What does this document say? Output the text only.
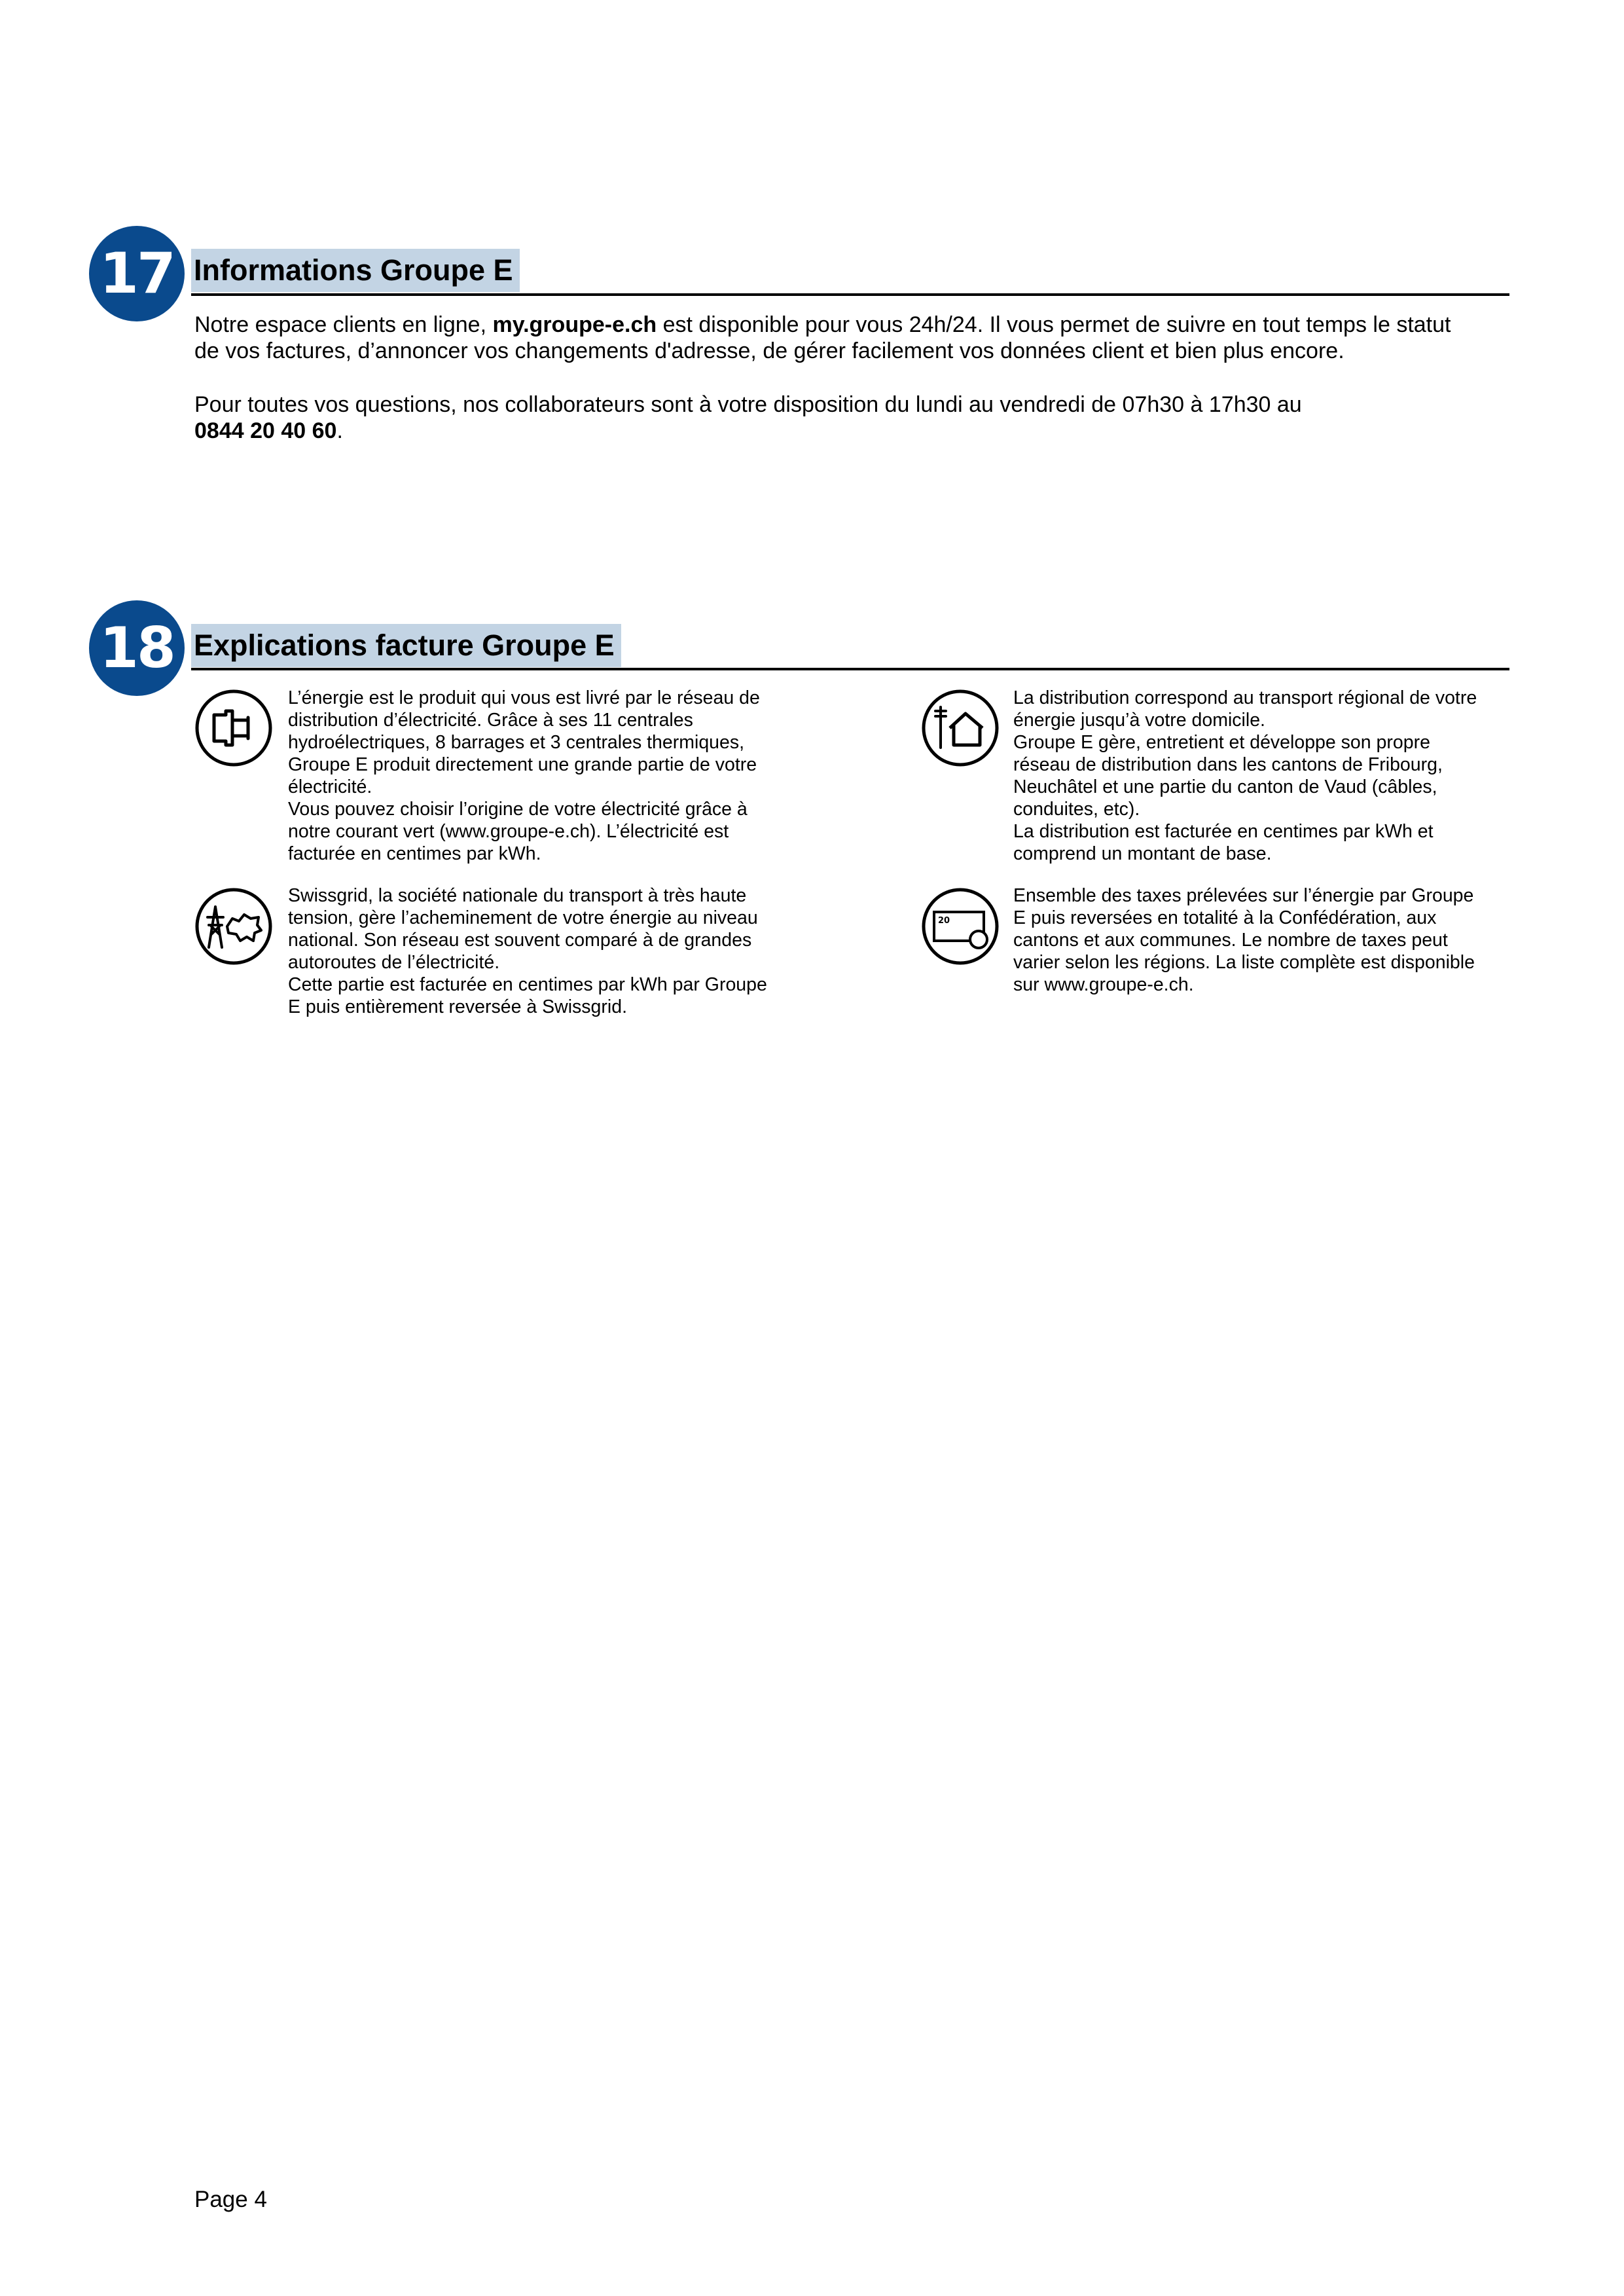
17 Informations Groupe E
Notre espace clients en ligne, my.groupe-e.ch est disponible pour vous 24h/24. Il vous permet de suivre en tout temps le statut
de vos factures, d’annoncer vos changements d'adresse, de gérer facilement vos données client et bien plus encore.
Pour toutes vos questions, nos collaborateurs sont à votre disposition du lundi au vendredi de 07h30 à 17h30 au
0844 20 40 60.
18 Explications facture Groupe E
L’énergie est le produit qui vous est livré par le réseau de
distribution d’électricité. Grâce à ses 11 centrales
hydroélectriques, 8 barrages et 3 centrales thermiques,
Groupe E produit directement une grande partie de votre
électricité.
Vous pouvez choisir l’origine de votre électricité grâce à
notre courant vert (www.groupe-e.ch). L’électricité est
facturée en centimes par kWh.
La distribution correspond au transport régional de votre
énergie jusqu’à votre domicile.
Groupe E gère, entretient et développe son propre
réseau de distribution dans les cantons de Fribourg,
Neuchâtel et une partie du canton de Vaud (câbles,
conduites, etc).
La distribution est facturée en centimes par kWh et
comprend un montant de base.
Swissgrid, la société nationale du transport à très haute
tension, gère l’acheminement de votre énergie au niveau
national. Son réseau est souvent comparé à de grandes
autoroutes de l’électricité.
Cette partie est facturée en centimes par kWh par Groupe
E puis entièrement reversée à Swissgrid.
20
Ensemble des taxes prélevées sur l’énergie par Groupe
E puis reversées en totalité à la Confédération, aux
cantons et aux communes. Le nombre de taxes peut
varier selon les régions. La liste complète est disponible
sur www.groupe-e.ch.
Page 4
